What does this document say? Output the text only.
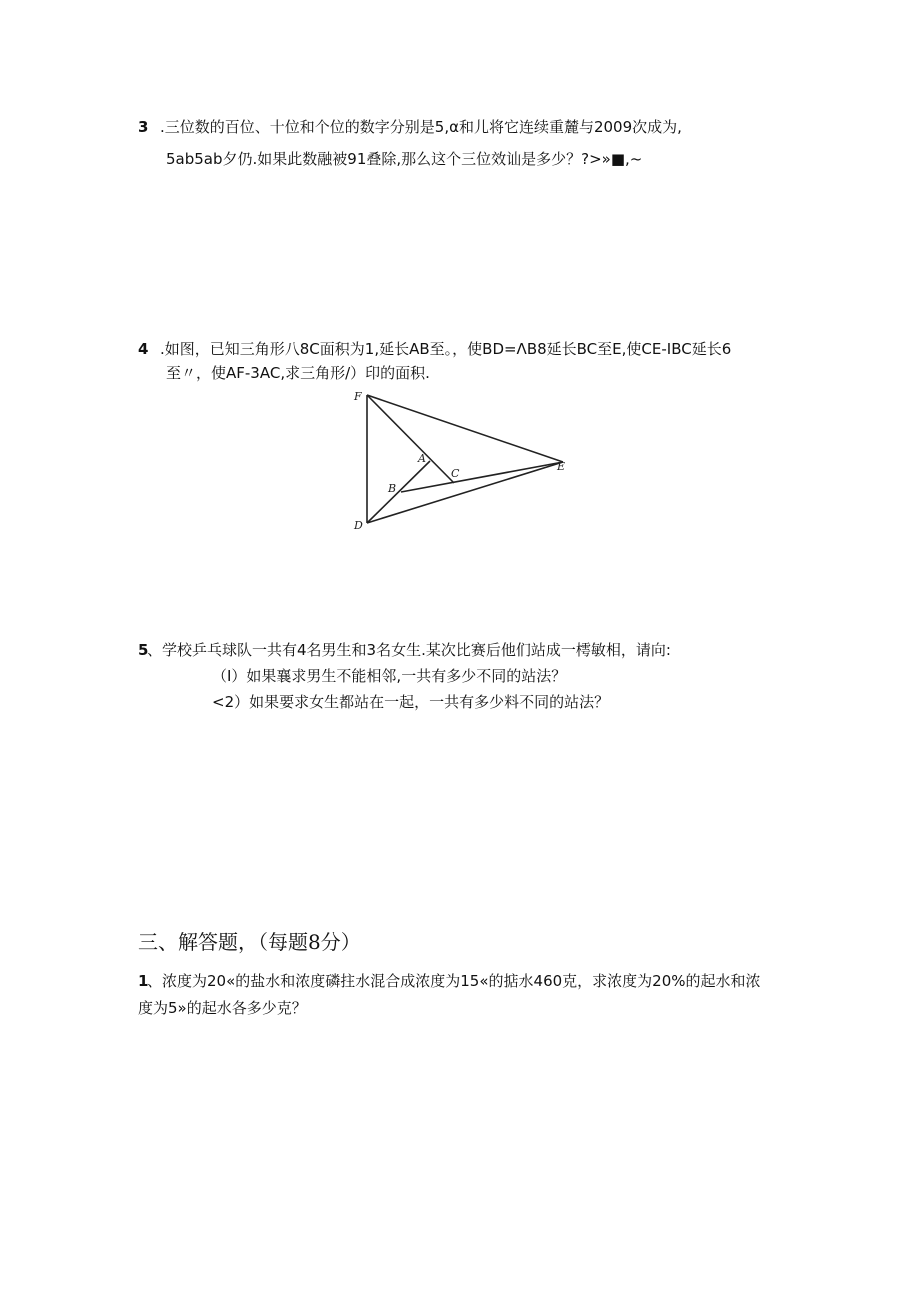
3 .三位数的百位、十位和个位的数字分别是5,α和儿将它连续重麓与2009次成为,
5ab5ab夕仍.如果此数融被91叠除,那么这个三位效讪是多少？?>»■,~
4 .如图，已知三角形八8C面积为1,延长AB至。，使BD=ΛB8延长BC至E,使CE-IBC延长6
至〃，使AF-3AC,求三角形/）印的面积.
F
A
C
E
B
D
5
、学校乒乓球队一共有4名男生和3名女生.某次比赛后他们站成一樗敏相，请向:
（I）如果襄求男生不能相邻,一共有多少不同的站法？
<2）如果要求女生都站在一起，一共有多少料不同的站法？
三、解答题，（每题8分）
1
、浓度为20«的盐水和浓度磷拄水混合成浓度为15«的掂水460克，求浓度为20%的起水和浓
度为5»的起水各多少克？
